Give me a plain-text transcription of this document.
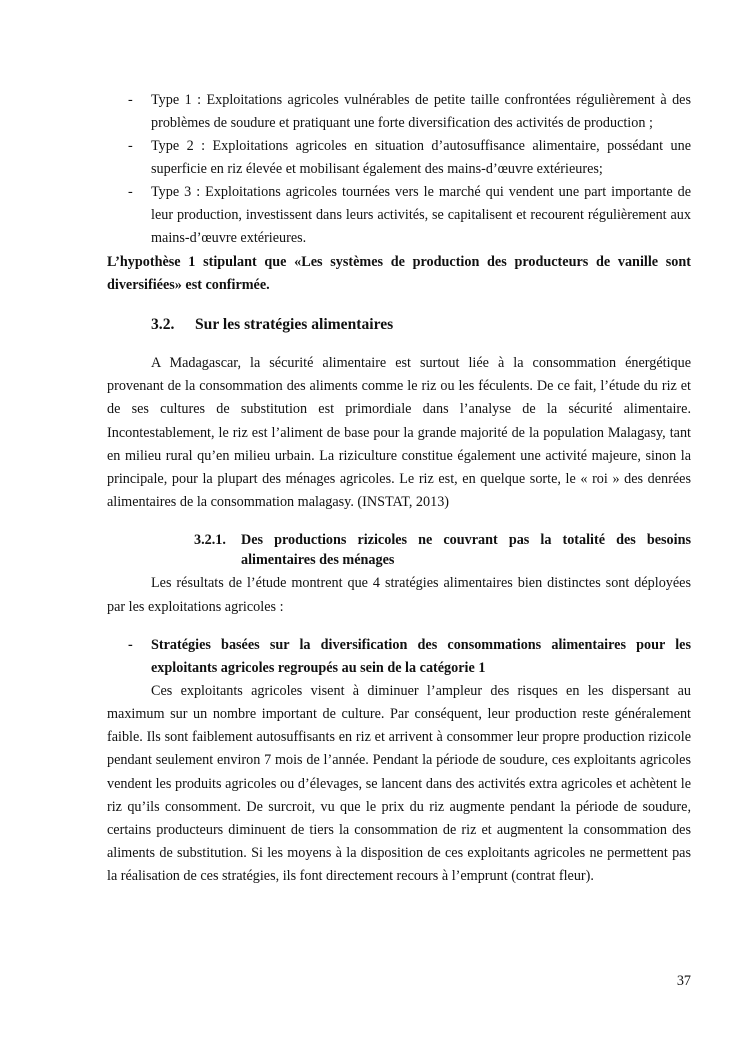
- Type 1 : Exploitations agricoles vulnérables de petite taille confrontées régulièrement à des problèmes de soudure et pratiquant une forte diversification des activités de production ;
- Type 2 : Exploitations agricoles en situation d’autosuffisance alimentaire, possédant une superficie en riz élevée et mobilisant également des mains-d’œuvre extérieures;
- Type 3 : Exploitations agricoles tournées vers le marché qui vendent une part importante de leur production, investissent dans leurs activités, se capitalisent et recourent régulièrement aux mains-d’œuvre extérieures.

L’hypothèse 1 stipulant que «Les systèmes de production des producteurs de vanille sont diversifiées» est confirmée.

3.2. Sur les stratégies alimentaires

A Madagascar, la sécurité alimentaire est surtout liée à la consommation énergétique provenant de la consommation des aliments comme le riz ou les féculents. De ce fait, l’étude du riz et de ses cultures de substitution est primordiale dans l’analyse de la sécurité alimentaire. Incontestablement, le riz est l’aliment de base pour la grande majorité de la population Malagasy, tant en milieu rural qu’en milieu urbain. La riziculture constitue également une activité majeure, sinon la principale, pour la plupart des ménages agricoles. Le riz est, en quelque sorte, le « roi » des denrées alimentaires de la consommation malagasy. (INSTAT, 2013)

3.2.1. Des productions rizicoles ne couvrant pas la totalité des besoins alimentaires des ménages

Les résultats de l’étude montrent que 4 stratégies alimentaires bien distinctes sont déployées par les exploitations agricoles :

- Stratégies basées sur la diversification des consommations alimentaires pour les exploitants agricoles regroupés au sein de la catégorie 1

Ces exploitants agricoles visent à diminuer l’ampleur des risques en les dispersant au maximum sur un nombre important de culture. Par conséquent, leur production reste généralement faible. Ils sont faiblement autosuffisants en riz et arrivent à consommer leur propre production rizicole pendant seulement environ 7 mois de l’année. Pendant la période de soudure, ces exploitants agricoles vendent les produits agricoles ou d’élevages, se lancent dans des activités extra agricoles et achètent le riz qu’ils consomment. De surcroit, vu que le prix du riz augmente pendant la période de soudure, certains producteurs diminuent de tiers la consommation de riz et augmentent la consommation des aliments de substitution. Si les moyens à la disposition de ces exploitants agricoles ne permettent pas la réalisation de ces stratégies, ils font directement recours à l’emprunt (contrat fleur).

37
